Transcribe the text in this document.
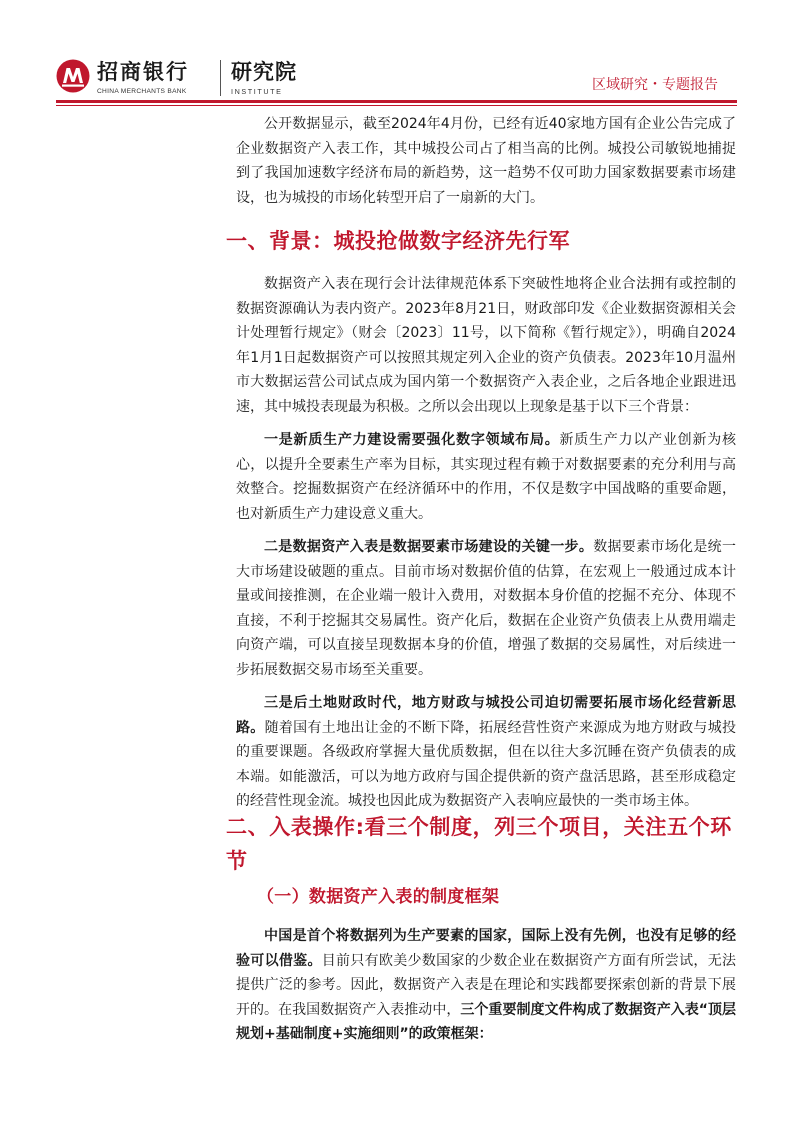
招商银行
CHINA MERCHANTS BANK
研究院
INSTITUTE	区域研究・专题报告

公开数据显示，截至2024年4月份，已经有近40家地方国有企业公告完成了企业数据资产入表工作，其中城投公司占了相当高的比例。城投公司敏锐地捕捉到了我国加速数字经济布局的新趋势，这一趋势不仅可助力国家数据要素市场建设，也为城投的市场化转型开启了一扇新的大门。

一、背景：城投抢做数字经济先行军

数据资产入表在现行会计法律规范体系下突破性地将企业合法拥有或控制的数据资源确认为表内资产。2023年8月21日，财政部印发《企业数据资源相关会计处理暂行规定》（财会〔2023〕11号，以下简称《暂行规定》），明确自2024年1月1日起数据资产可以按照其规定列入企业的资产负债表。2023年10月温州市大数据运营公司试点成为国内第一个数据资产入表企业，之后各地企业跟进迅速，其中城投表现最为积极。之所以会出现以上现象是基于以下三个背景：

一是新质生产力建设需要强化数字领域布局。新质生产力以产业创新为核心，以提升全要素生产率为目标，其实现过程有赖于对数据要素的充分利用与高效整合。挖掘数据资产在经济循环中的作用，不仅是数字中国战略的重要命题，也对新质生产力建设意义重大。

二是数据资产入表是数据要素市场建设的关键一步。数据要素市场化是统一大市场建设破题的重点。目前市场对数据价值的估算，在宏观上一般通过成本计量或间接推测，在企业端一般计入费用，对数据本身价值的挖掘不充分、体现不直接，不利于挖掘其交易属性。资产化后，数据在企业资产负债表上从费用端走向资产端，可以直接呈现数据本身的价值，增强了数据的交易属性，对后续进一步拓展数据交易市场至关重要。

三是后土地财政时代，地方财政与城投公司迫切需要拓展市场化经营新思路。随着国有土地出让金的不断下降，拓展经营性资产来源成为地方财政与城投的重要课题。各级政府掌握大量优质数据，但在以往大多沉睡在资产负债表的成本端。如能激活，可以为地方政府与国企提供新的资产盘活思路，甚至形成稳定的经营性现金流。城投也因此成为数据资产入表响应最快的一类市场主体。

二、入表操作:看三个制度，列三个项目，关注五个环节
（一）数据资产入表的制度框架

中国是首个将数据列为生产要素的国家，国际上没有先例，也没有足够的经验可以借鉴。目前只有欧美少数国家的少数企业在数据资产方面有所尝试，无法提供广泛的参考。因此，数据资产入表是在理论和实践都要探索创新的背景下展开的。在我国数据资产入表推动中，三个重要制度文件构成了数据资产入表“顶层规划+基础制度+实施细则”的政策框架：
